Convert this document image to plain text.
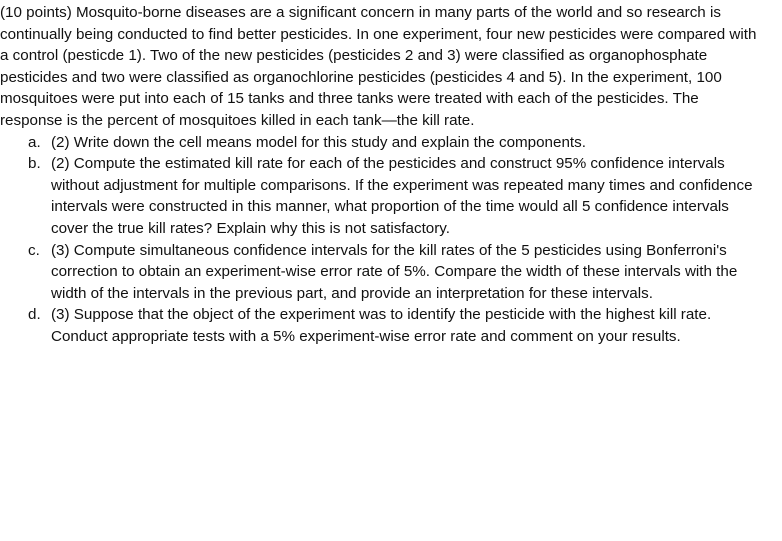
(10 points) Mosquito-borne diseases are a significant concern in many parts of the world and so research is continually being conducted to find better pesticides. In one experiment, four new pesticides were compared with a control (pesticde 1). Two of the new pesticides (pesticides 2 and 3) were classified as organophosphate pesticides and two were classified as organochlorine pesticides (pesticides 4 and 5). In the experiment, 100 mosquitoes were put into each of 15 tanks and three tanks were treated with each of the pesticides. The response is the percent of mosquitoes killed in each tank—the kill rate.

a. (2) Write down the cell means model for this study and explain the components.
b. (2) Compute the estimated kill rate for each of the pesticides and construct 95% confidence intervals without adjustment for multiple comparisons. If the experiment was repeated many times and confidence intervals were constructed in this manner, what proportion of the time would all 5 confidence intervals cover the true kill rates? Explain why this is not satisfactory.
c. (3) Compute simultaneous confidence intervals for the kill rates of the 5 pesticides using Bonferroni's correction to obtain an experiment-wise error rate of 5%. Compare the width of these intervals with the width of the intervals in the previous part, and provide an interpretation for these intervals.
d. (3) Suppose that the object of the experiment was to identify the pesticide with the highest kill rate. Conduct appropriate tests with a 5% experiment-wise error rate and comment on your results.
